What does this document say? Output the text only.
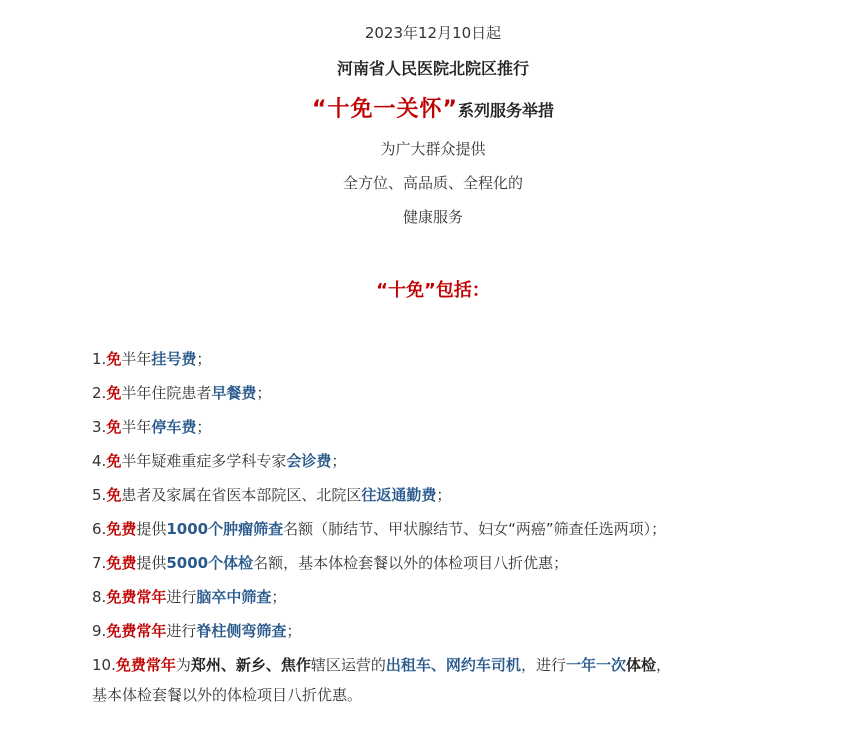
2023年12月10日起
河南省人民医院北院区推行
“十免一关怀”系列服务举措
为广大群众提供
全方位、高品质、全程化的
健康服务
“十免”包括：
1.免半年挂号费；
2.免半年住院患者早餐费；
3.免半年停车费；
4.免半年疑难重症多学科专家会诊费；
5.免患者及家属在省医本部院区、北院区往返通勤费；
6.免费提供1000个肿瘤筛查名额（肺结节、甲状腺结节、妇女“两癌”筛查任选两项）；
7.免费提供5000个体检名额，基本体检套餐以外的体检项目八折优惠；
8.免费常年进行脑卒中筛查；
9.免费常年进行脊柱侧弯筛查；
10.免费常年为郑州、新乡、焦作辖区运营的出租车、网约车司机，进行一年一次体检，
基本体检套餐以外的体检项目八折优惠。
